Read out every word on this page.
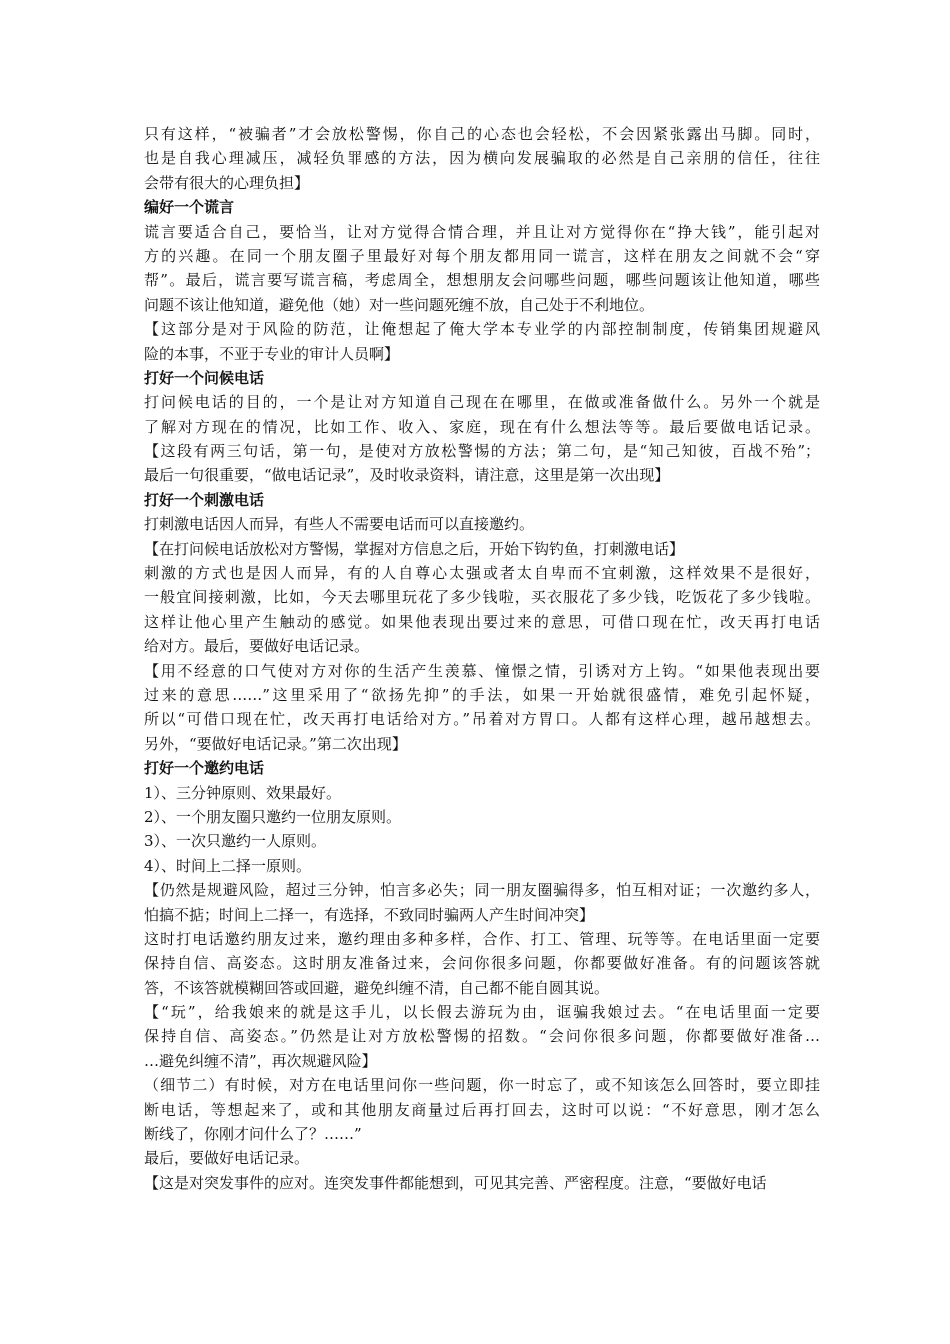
只有这样，“被骗者”才会放松警惕，你自己的心态也会轻松，不会因紧张露出马脚。同时，
也是自我心理减压，减轻负罪感的方法，因为横向发展骗取的必然是自己亲朋的信任，往往
会带有很大的心理负担】
编好一个谎言
谎言要适合自己，要恰当，让对方觉得合情合理，并且让对方觉得你在“挣大钱”，能引起对
方的兴趣。在同一个朋友圈子里最好对每个朋友都用同一谎言，这样在朋友之间就不会“穿
帮”。最后，谎言要写谎言稿，考虑周全，想想朋友会问哪些问题，哪些问题该让他知道，哪些
问题不该让他知道，避免他（她）对一些问题死缠不放，自己处于不利地位。
【这部分是对于风险的防范，让俺想起了俺大学本专业学的内部控制制度，传销集团规避风
险的本事，不亚于专业的审计人员啊】
打好一个问候电话
打问候电话的目的，一个是让对方知道自己现在在哪里，在做或准备做什么。另外一个就是
了解对方现在的情况，比如工作、收入、家庭，现在有什么想法等等。最后要做电话记录。
【这段有两三句话，第一句，是使对方放松警惕的方法；第二句，是“知己知彼，百战不殆”；
最后一句很重要，“做电话记录”，及时收录资料，请注意，这里是第一次出现】
打好一个刺激电话
打刺激电话因人而异，有些人不需要电话而可以直接邀约。
【在打问候电话放松对方警惕，掌握对方信息之后，开始下钩钓鱼，打刺激电话】
刺激的方式也是因人而异，有的人自尊心太强或者太自卑而不宜刺激，这样效果不是很好，
一般宜间接刺激，比如，今天去哪里玩花了多少钱啦，买衣服花了多少钱，吃饭花了多少钱啦。
这样让他心里产生触动的感觉。如果他表现出要过来的意思，可借口现在忙，改天再打电话
给对方。最后，要做好电话记录。
【用不经意的口气使对方对你的生活产生羡慕、憧憬之情，引诱对方上钩。“如果他表现出要
过来的意思……”这里采用了“欲扬先抑”的手法，如果一开始就很盛情，难免引起怀疑，
所以“可借口现在忙，改天再打电话给对方。”吊着对方胃口。人都有这样心理，越吊越想去。
另外，“要做好电话记录。”第二次出现】
打好一个邀约电话
1）、三分钟原则、效果最好。
2）、一个朋友圈只邀约一位朋友原则。
3）、一次只邀约一人原则。
4）、时间上二择一原则。
【仍然是规避风险，超过三分钟，怕言多必失；同一朋友圈骗得多，怕互相对证；一次邀约多人，
怕搞不掂；时间上二择一，有选择，不致同时骗两人产生时间冲突】
这时打电话邀约朋友过来，邀约理由多种多样，合作、打工、管理、玩等等。在电话里面一定要
保持自信、高姿态。这时朋友准备过来，会问你很多问题，你都要做好准备。有的问题该答就
答，不该答就模糊回答或回避，避免纠缠不清，自己都不能自圆其说。
【“玩”，给我娘来的就是这手儿，以长假去游玩为由，诓骗我娘过去。“在电话里面一定要
保持自信、高姿态。”仍然是让对方放松警惕的招数。“会问你很多问题，你都要做好准备…
…避免纠缠不清”，再次规避风险】
（细节二）有时候，对方在电话里问你一些问题，你一时忘了，或不知该怎么回答时，要立即挂
断电话，等想起来了，或和其他朋友商量过后再打回去，这时可以说：“不好意思，刚才怎么
断线了，你刚才问什么了？……”
最后，要做好电话记录。
【这是对突发事件的应对。连突发事件都能想到，可见其完善、严密程度。注意，“要做好电话
